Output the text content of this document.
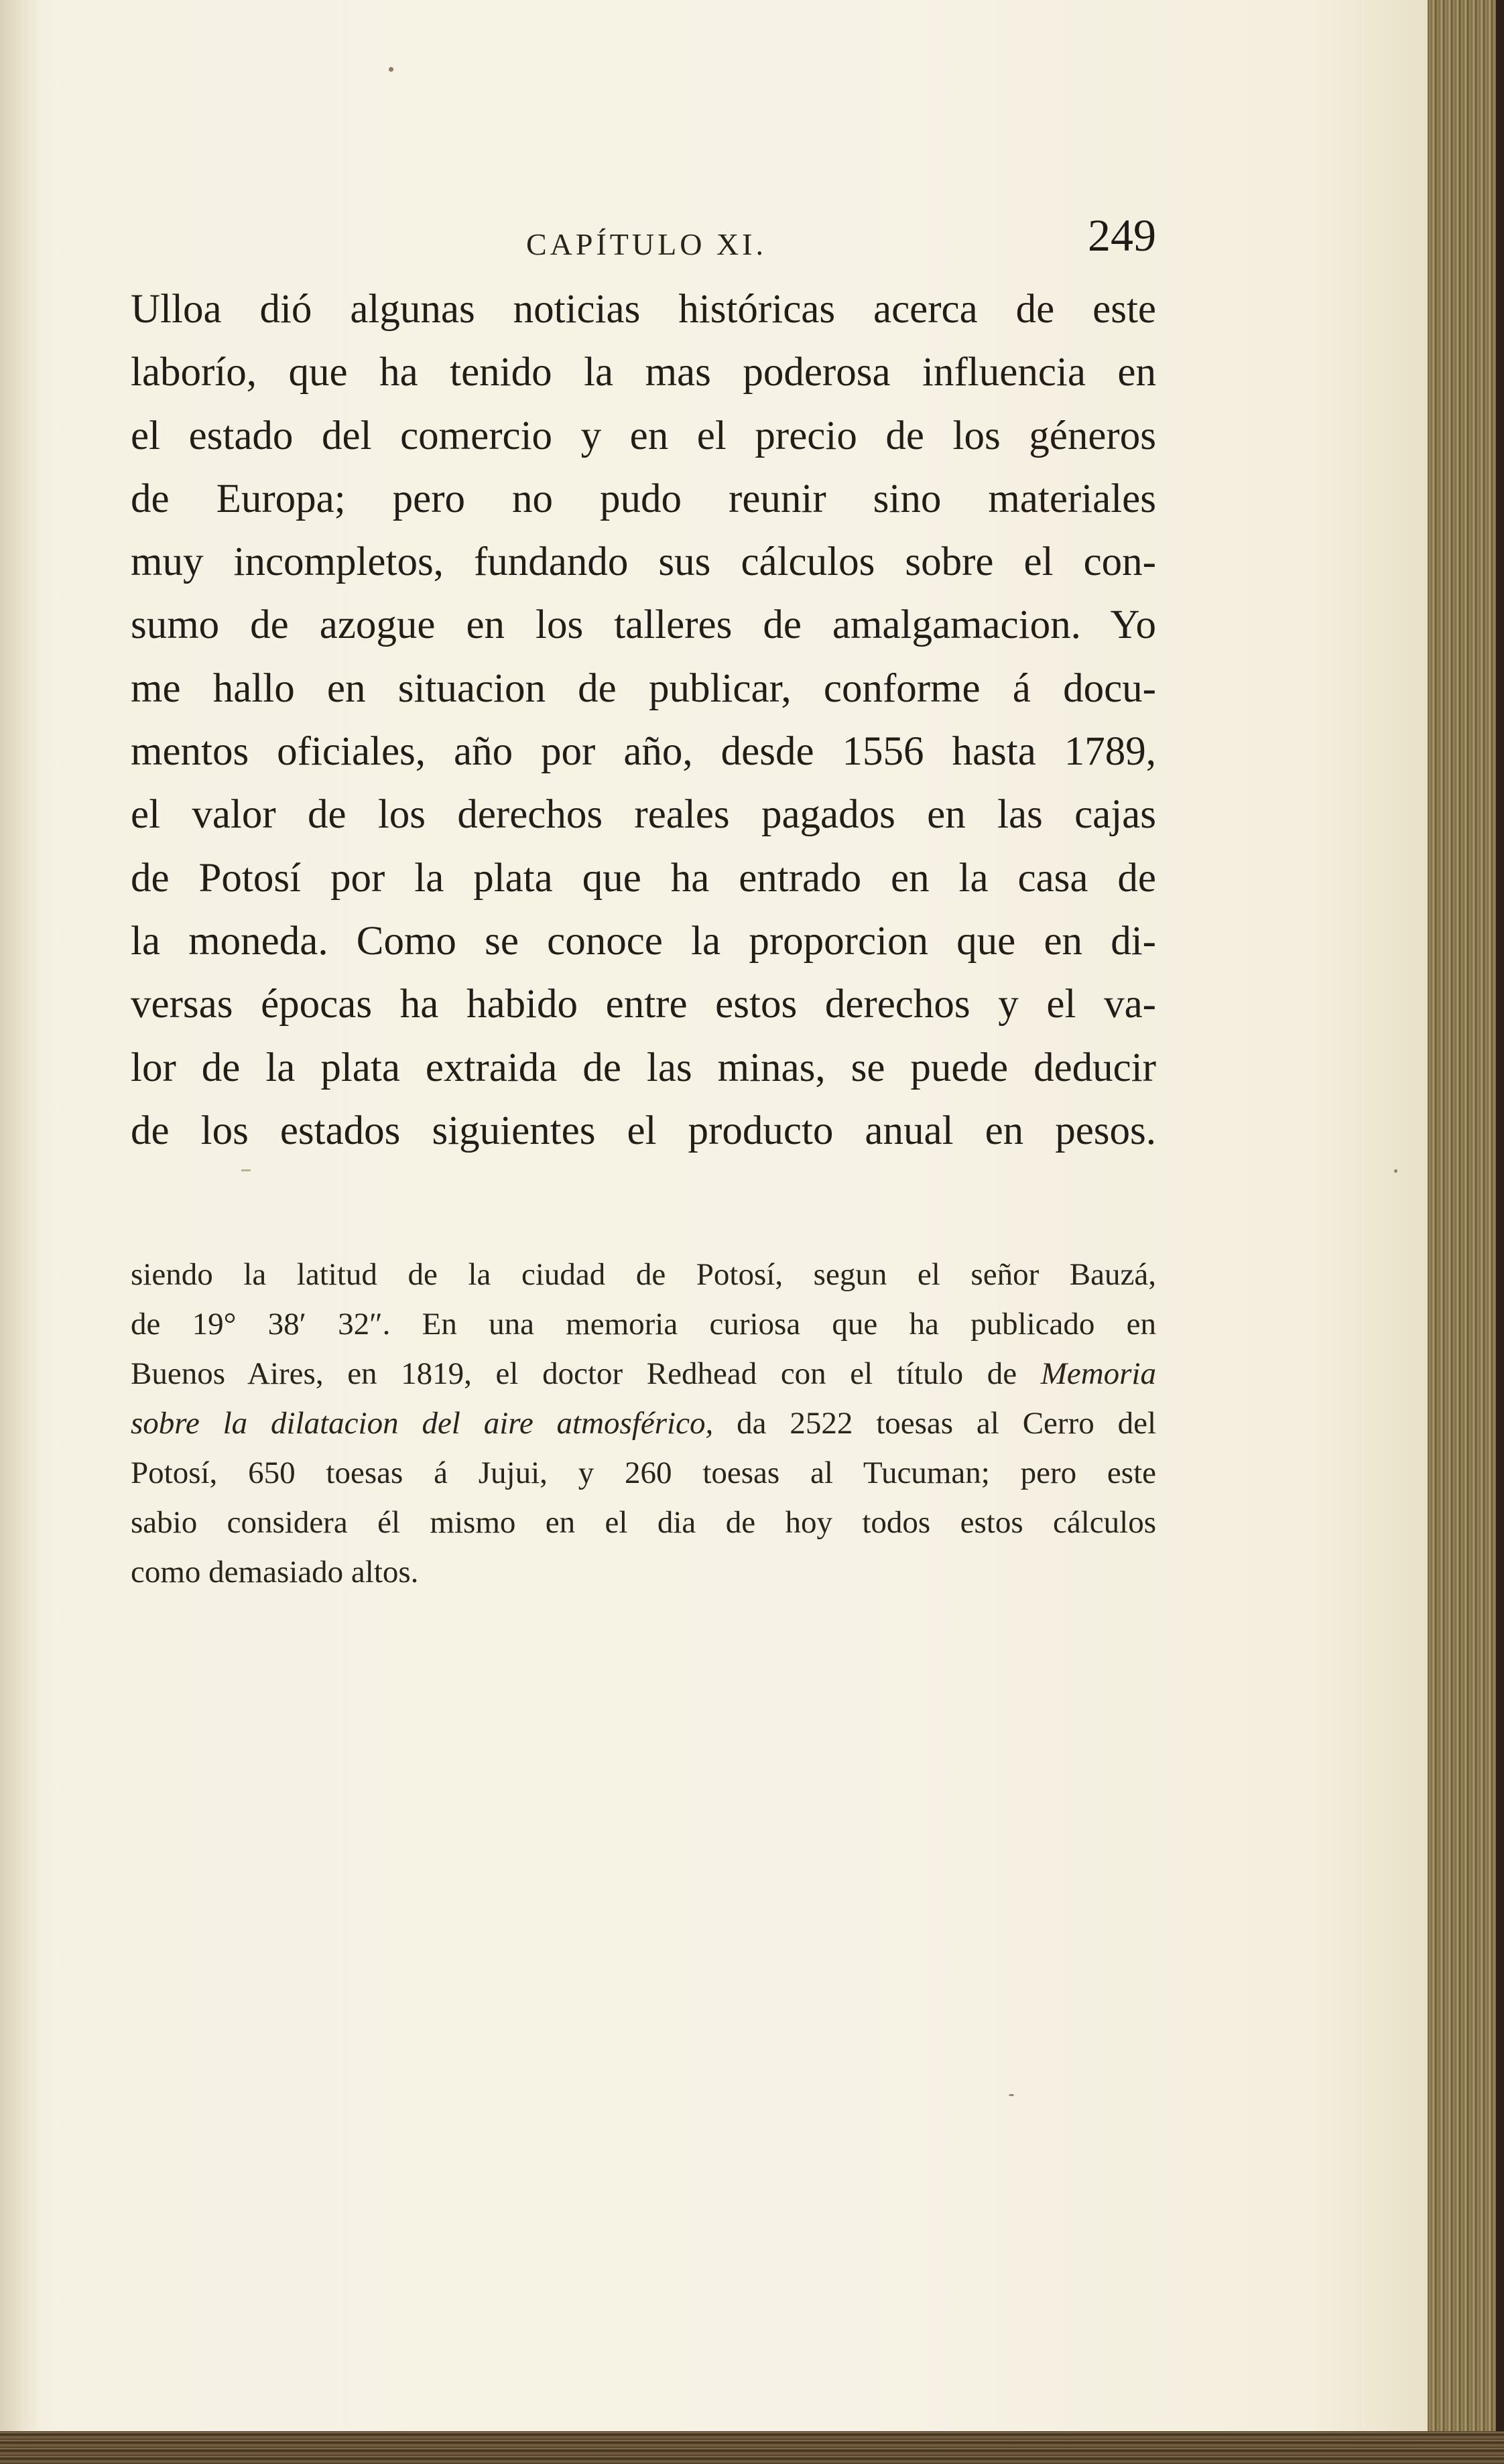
CAPÍTULO XI.	249
Ulloa dió algunas noticias históricas acerca de este
laborío, que ha tenido la mas poderosa influencia en
el estado del comercio y en el precio de los géneros
de Europa; pero no pudo reunir sino materiales
muy incompletos, fundando sus cálculos sobre el con-
sumo de azogue en los talleres de amalgamacion. Yo
me hallo en situacion de publicar, conforme á docu-
mentos oficiales, año por año, desde 1556 hasta 1789,
el valor de los derechos reales pagados en las cajas
de Potosí por la plata que ha entrado en la casa de
la moneda. Como se conoce la proporcion que en di-
versas épocas ha habido entre estos derechos y el va-
lor de la plata extraida de las minas, se puede deducir
de los estados siguientes el producto anual en pesos.
siendo la latitud de la ciudad de Potosí, segun el señor Bauzá,
de 19° 38′ 32″. En una memoria curiosa que ha publicado en
Buenos Aires, en 1819, el doctor Redhead con el título de Memoria
sobre la dilatacion del aire atmosférico, da 2522 toesas al Cerro del
Potosí, 650 toesas á Jujui, y 260 toesas al Tucuman; pero este
sabio considera él mismo en el dia de hoy todos estos cálculos
como demasiado altos.
